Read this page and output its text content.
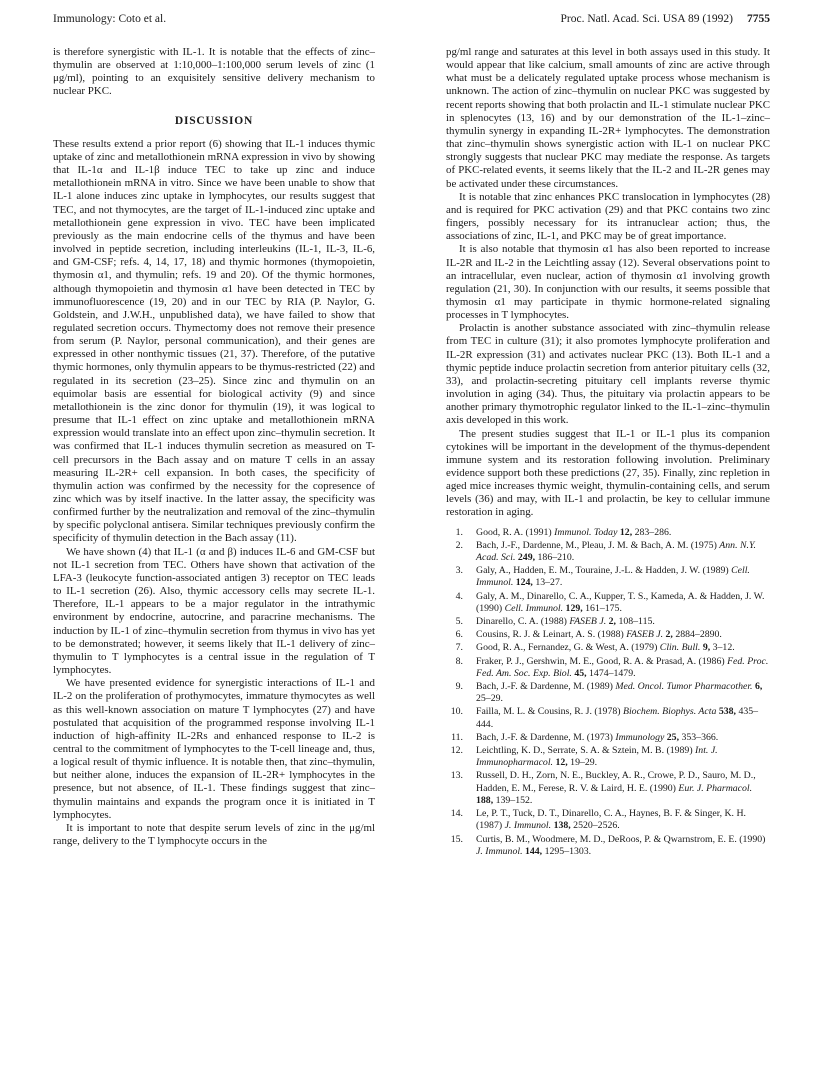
Immunology: Coto et al.	Proc. Natl. Acad. Sci. USA 89 (1992) 7755

is therefore synergistic with IL-1. It is notable that the effects of zinc–thymulin are observed at 1:10,000–1:100,000 serum levels of zinc (1 μg/ml), pointing to an exquisitely sensitive delivery mechanism to nuclear PKC.

DISCUSSION

These results extend a prior report (6) showing that IL-1 induces thymic uptake of zinc and metallothionein mRNA expression in vivo by showing that IL-1α and IL-1β induce TEC to take up zinc and induce metallothionein mRNA in vitro. Since we have been unable to show that IL-1 alone induces zinc uptake in lymphocytes, our results suggest that TEC, and not thymocytes, are the target of IL-1-induced zinc uptake and metallothionein gene expression in vivo. TEC have been implicated previously as the main endocrine cells of the thymus and have been involved in peptide secretion, including interleukins (IL-1, IL-3, IL-6, and GM-CSF; refs. 4, 14, 17, 18) and thymic hormones (thymopoietin, thymosin α1, and thymulin; refs. 19 and 20). Of the thymic hormones, although thymopoietin and thymosin α1 have been detected in TEC by immunofluorescence (19, 20) and in our TEC by RIA (P. Naylor, G. Goldstein, and J.W.H., unpublished data), we have failed to show that regulated secretion occurs. Thymectomy does not remove their presence from serum (P. Naylor, personal communication), and their genes are expressed in other nonthymic tissues (21, 37). Therefore, of the putative thymic hormones, only thymulin appears to be thymus-restricted (22) and regulated in its secretion (23–25). Since zinc and thymulin on an equimolar basis are essential for biological activity (9) and since metallothionein is the zinc donor for thymulin (19), it was logical to presume that IL-1 effect on zinc uptake and metallothionein mRNA expression would translate into an effect upon zinc–thymulin secretion. It was confirmed that IL-1 induces thymulin secretion as measured on T-cell precursors in the Bach assay and on mature T cells in an assay measuring IL-2R+ cell expansion. In both cases, the specificity of thymulin action was confirmed by the necessity for the copresence of zinc which was by itself inactive. In the latter assay, the specificity was confirmed further by the neutralization and removal of the zinc–thymulin by specific polyclonal antisera. Similar techniques previously confirm the specificity of thymulin detection in the Bach assay (11).

We have shown (4) that IL-1 (α and β) induces IL-6 and GM-CSF but not IL-1 secretion from TEC. Others have shown that activation of the LFA-3 (leukocyte function-associated antigen 3) receptor on TEC leads to IL-1 secretion (26). Also, thymic accessory cells may secrete IL-1. Therefore, IL-1 appears to be a major regulator in the intrathymic environment by endocrine, autocrine, and paracrine mechanisms. The induction by IL-1 of zinc–thymulin secretion from thymus in vivo has yet to be demonstrated; however, it seems likely that IL-1 delivery of zinc–thymulin to T lymphocytes is a central issue in the regulation of T lymphocytes.

We have presented evidence for synergistic interactions of IL-1 and IL-2 on the proliferation of prothymocytes, immature thymocytes as well as this well-known association on mature T lymphocytes (27) and have postulated that acquisition of the programmed response involving IL-1 induction of high-affinity IL-2Rs and enhanced response to IL-2 is central to the commitment of lymphocytes to the T-cell lineage and, thus, a logical result of thymic influence. It is notable then, that zinc–thymulin, but neither alone, induces the expansion of IL-2R+ lymphocytes in the presence, but not absence, of IL-1. These findings suggest that zinc–thymulin maintains and expands the program once it is initiated in T lymphocytes.

It is important to note that despite serum levels of zinc in the μg/ml range, delivery to the T lymphocyte occurs in the

pg/ml range and saturates at this level in both assays used in this study. It would appear that like calcium, small amounts of zinc are active through what must be a delicately regulated uptake process whose mechanism is unknown. The action of zinc–thymulin on nuclear PKC was suggested by recent reports showing that both prolactin and IL-1 stimulate nuclear PKC in splenocytes (13, 16) and by our demonstration of the IL-1–zinc–thymulin synergy in expanding IL-2R+ lymphocytes. The demonstration that zinc–thymulin shows synergistic action with IL-1 on nuclear PKC strongly suggests that nuclear PKC may mediate the response. As targets of PKC-related events, it seems likely that the IL-2 and IL-2R genes may be activated under these circumstances.

It is notable that zinc enhances PKC translocation in lymphocytes (28) and is required for PKC activation (29) and that PKC contains two zinc fingers, possibly necessary for its intranuclear action; thus, the associations of zinc, IL-1, and PKC may be of great importance.

It is also notable that thymosin α1 has also been reported to increase IL-2R and IL-2 in the Leichtling assay (12). Several observations point to an intracellular, even nuclear, action of thymosin α1 involving growth regulation (21, 30). In conjunction with our results, it seems possible that thymosin α1 may participate in thymic hormone-related signaling processes in T lymphocytes.

Prolactin is another substance associated with zinc–thymulin release from TEC in culture (31); it also promotes lymphocyte proliferation and IL-2R expression (31) and activates nuclear PKC (13). Both IL-1 and a thymic peptide induce prolactin secretion from anterior pituitary cells (32, 33), and prolactin-secreting pituitary cell implants reverse thymic involution in aging (34). Thus, the pituitary via prolactin appears to be another primary thymotrophic regulator linked to the IL-1–zinc–thymulin axis developed in this work.

The present studies suggest that IL-1 or IL-1 plus its companion cytokines will be important in the development of the thymus-dependent immune system and its restoration following involution. Preliminary evidence support both these predictions (27, 35). Finally, zinc repletion in aged mice increases thymic weight, thymulin-containing cells, and serum levels (36) and may, with IL-1 and prolactin, be key to cellular immune restoration in aging.

1. Good, R. A. (1991) Immunol. Today 12, 283–286.
2. Bach, J.-F., Dardenne, M., Pleau, J. M. & Bach, A. M. (1975) Ann. N.Y. Acad. Sci. 249, 186–210.
3. Galy, A., Hadden, E. M., Touraine, J.-L. & Hadden, J. W. (1989) Cell. Immunol. 124, 13–27.
4. Galy, A. M., Dinarello, C. A., Kupper, T. S., Kameda, A. & Hadden, J. W. (1990) Cell. Immunol. 129, 161–175.
5. Dinarello, C. A. (1988) FASEB J. 2, 108–115.
6. Cousins, R. J. & Leinart, A. S. (1988) FASEB J. 2, 2884–2890.
7. Good, R. A., Fernandez, G. & West, A. (1979) Clin. Bull. 9, 3–12.
8. Fraker, P. J., Gershwin, M. E., Good, R. A. & Prasad, A. (1986) Fed. Proc. Fed. Am. Soc. Exp. Biol. 45, 1474–1479.
9. Bach, J.-F. & Dardenne, M. (1989) Med. Oncol. Tumor Pharmacother. 6, 25–29.
10. Failla, M. L. & Cousins, R. J. (1978) Biochem. Biophys. Acta 538, 435–444.
11. Bach, J.-F. & Dardenne, M. (1973) Immunology 25, 353–366.
12. Leichtling, K. D., Serrate, S. A. & Sztein, M. B. (1989) Int. J. Immunopharmacol. 12, 19–29.
13. Russell, D. H., Zorn, N. E., Buckley, A. R., Crowe, P. D., Sauro, M. D., Hadden, E. M., Ferese, R. V. & Laird, H. E. (1990) Eur. J. Pharmacol. 188, 139–152.
14. Le, P. T., Tuck, D. T., Dinarello, C. A., Haynes, B. F. & Singer, K. H. (1987) J. Immunol. 138, 2520–2526.
15. Curtis, B. M., Woodmere, M. D., DeRoos, P. & Qwarnstrom, E. E. (1990) J. Immunol. 144, 1295–1303.
